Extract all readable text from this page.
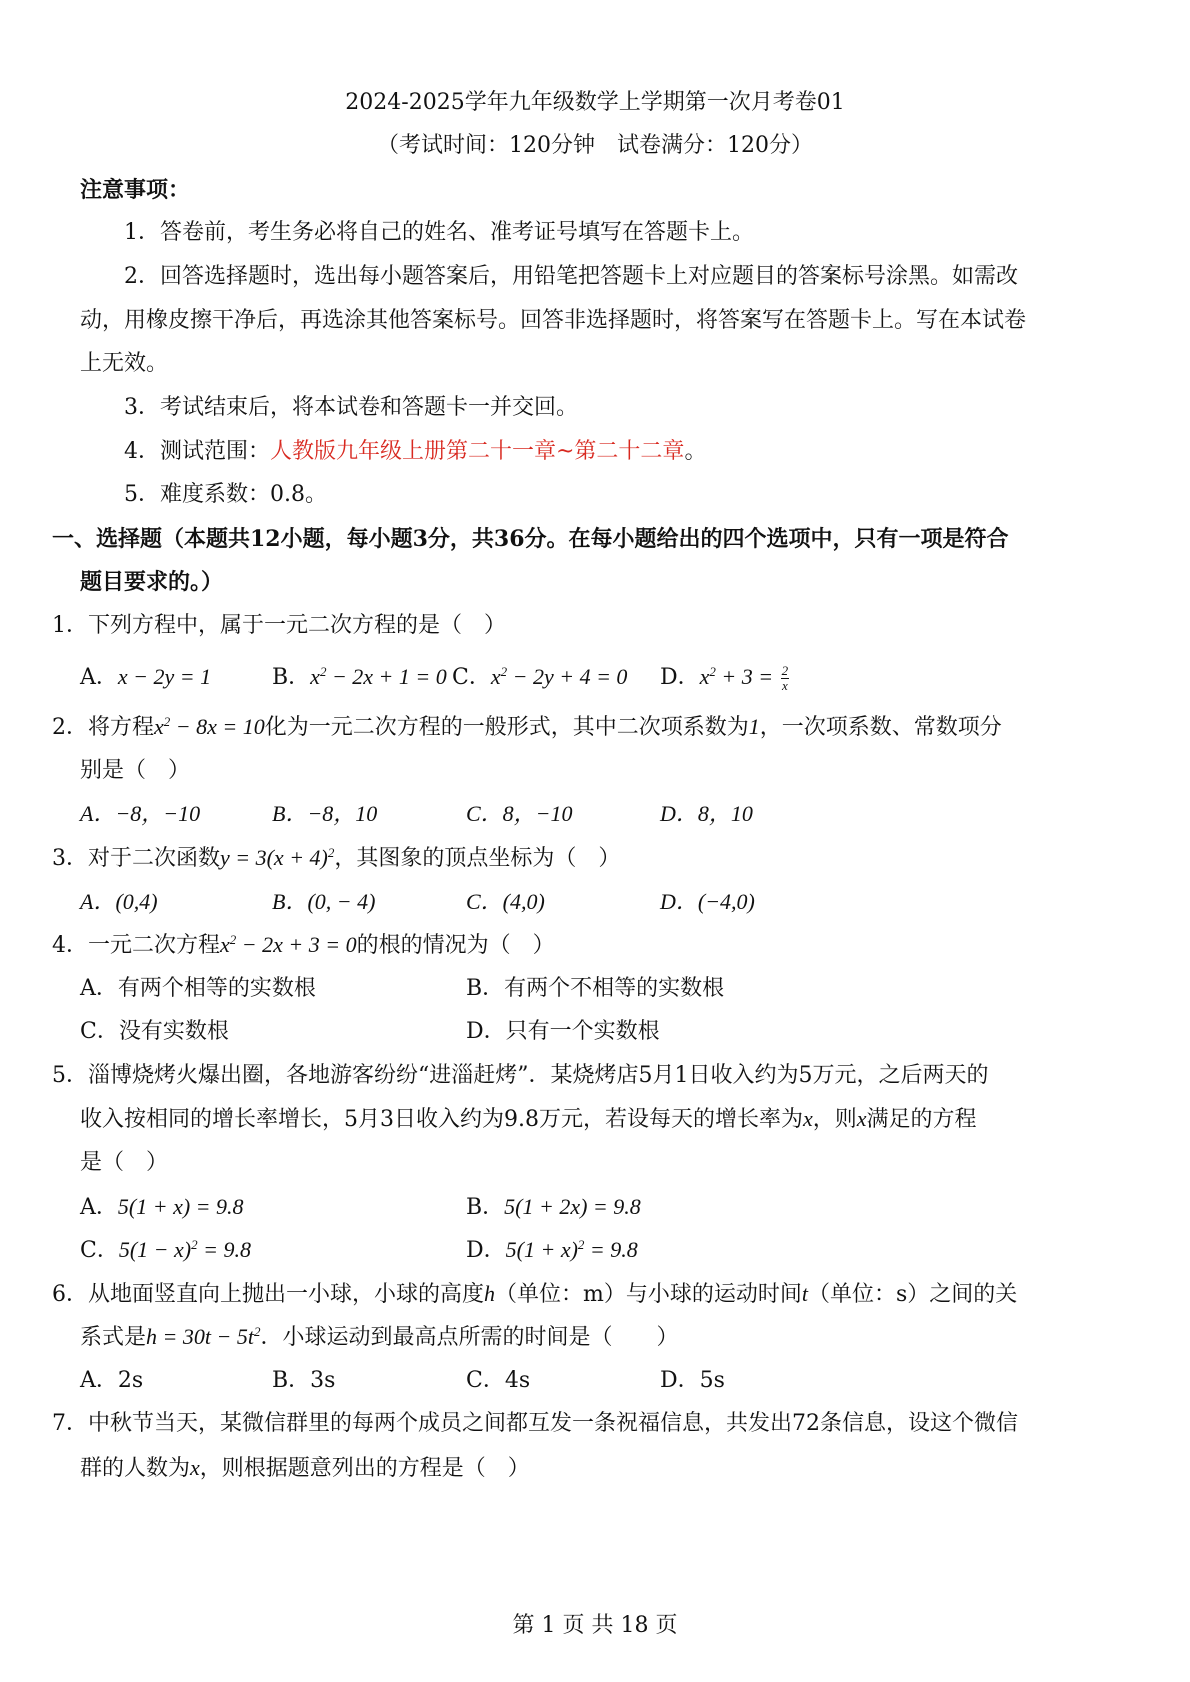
2024-2025学年九年级数学上学期第一次月考卷01
（考试时间：120分钟　试卷满分：120分）
注意事项：
1．答卷前，考生务必将自己的姓名、准考证号填写在答题卡上。
2．回答选择题时，选出每小题答案后，用铅笔把答题卡上对应题目的答案标号涂黑。如需改
动，用橡皮擦干净后，再选涂其他答案标号。回答非选择题时，将答案写在答题卡上。写在本试卷
上无效。
3．考试结束后，将本试卷和答题卡一并交回。
4．测试范围：人教版九年级上册第二十一章~第二十二章。
5．难度系数：0.8。
一、选择题（本题共12小题，每小题3分，共36分。在每小题给出的四个选项中，只有一项是符合
题目要求的。）
1．下列方程中，属于一元二次方程的是（　）
A．x − 2y = 1	B．$x^2 - 2x + 1 = 0$ C．$x^2 - 2y + 4 = 0$ D．$x^2 + 3 = \frac{2}{x}$
2．将方程$x^2 - 8x = 10$化为一元二次方程的一般形式，其中二次项系数为1，一次项系数、常数项分
别是（　）
A．−8，−10	B．−8，10	C．8，−10	D．8，10
3．对于二次函数$y = 3(x + 4)^2$，其图象的顶点坐标为（　）
A．(0,4)	B．(0, − 4)	C．(4,0)	D．(−4,0)
4．一元二次方程$x^2 - 2x + 3 = 0$的根的情况为（　）
A．有两个相等的实数根	B．有两个不相等的实数根
C．没有实数根	D．只有一个实数根
5．淄博烧烤火爆出圈，各地游客纷纷“进淄赶烤”．某烧烤店5月1日收入约为5万元，之后两天的
收入按相同的增长率增长，5月3日收入约为9.8万元，若设每天的增长率为x，则x满足的方程
是（　）
A．5(1 + x) = 9.8	B．5(1 + 2x) = 9.8
C．$5(1 - x)^2 = 9.8$	D．$5(1 + x)^2 = 9.8$
6．从地面竖直向上抛出一小球，小球的高度h（单位：m）与小球的运动时间t（单位：s）之间的关
系式是$h = 30t - 5t^2$．小球运动到最高点所需的时间是（　　）
A．2s	B．3s	C．4s	D．5s
7．中秋节当天，某微信群里的每两个成员之间都互发一条祝福信息，共发出72条信息，设这个微信
群的人数为x，则根据题意列出的方程是（　）
第 1 页 共 18 页
